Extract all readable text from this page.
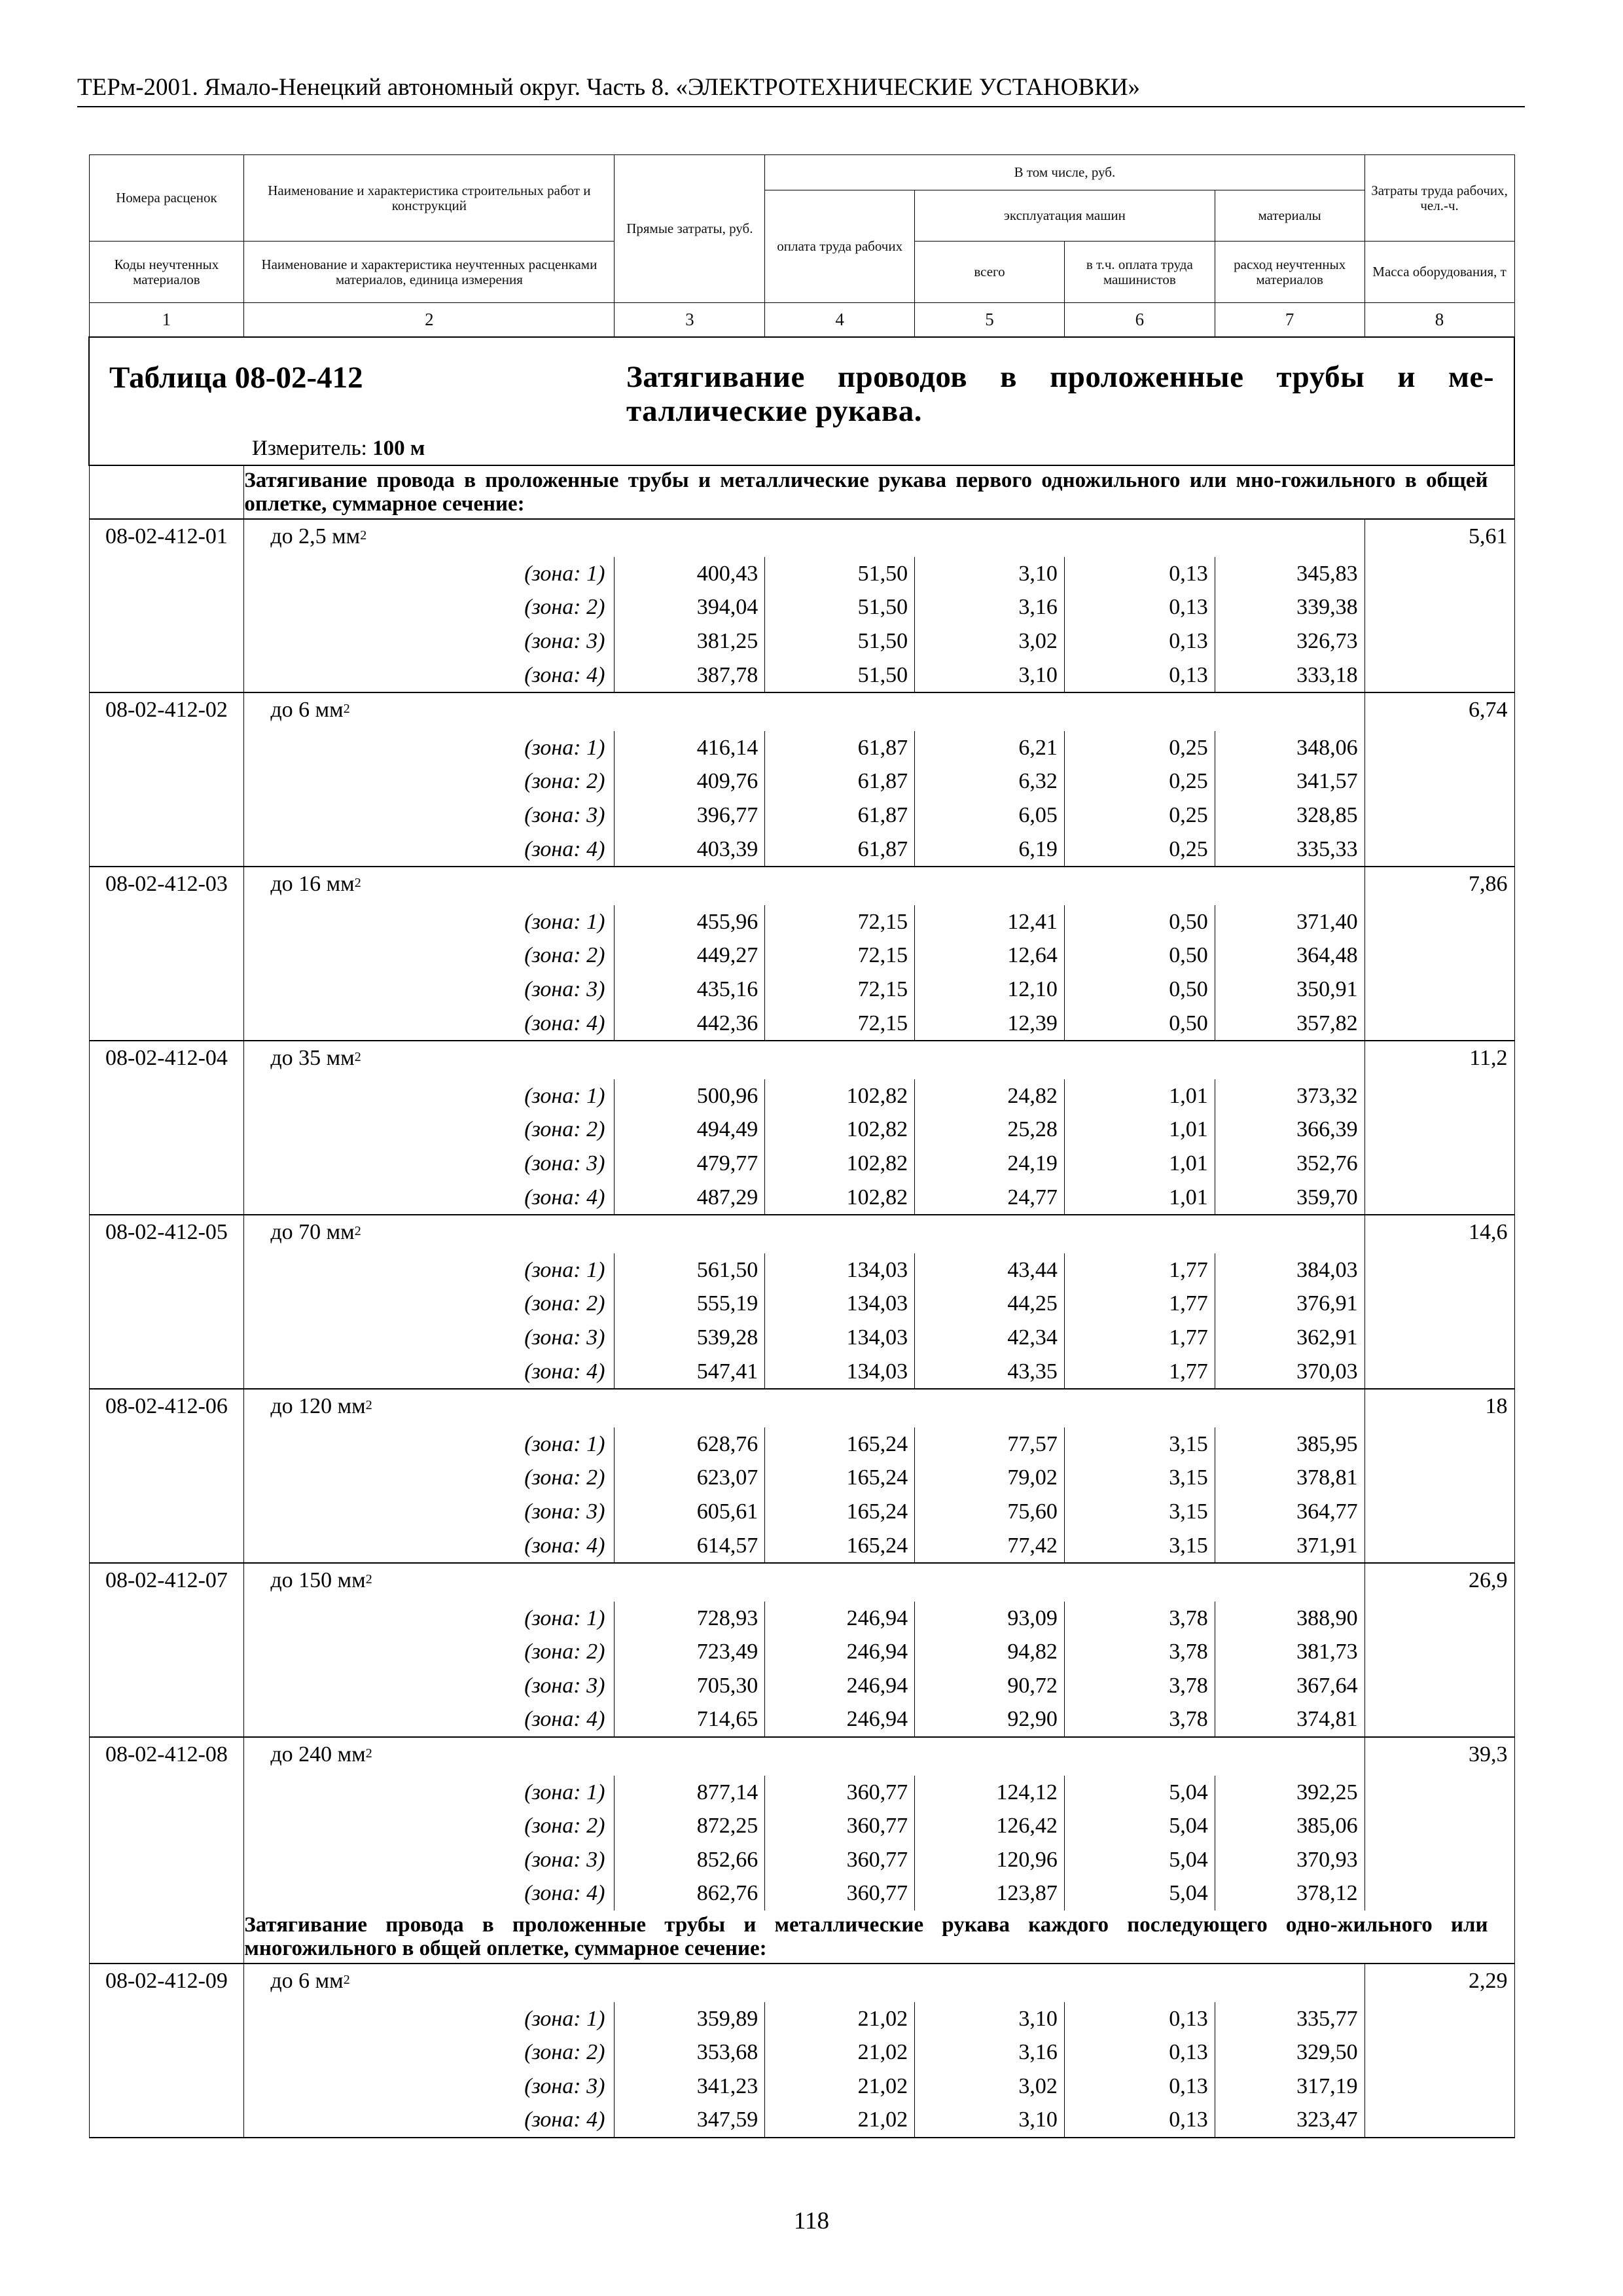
ТЕРм-2001. Ямало-Ненецкий автономный округ. Часть 8. «ЭЛЕКТРОТЕХНИЧЕСКИЕ УСТАНОВКИ»
Номера расценок	Наименование и характеристика строительных работ и конструкций	Прямые затраты, руб.	В том числе, руб.				Затраты труда рабочих, чел.-ч.
			оплата труда рабочих	эксплуатация машин		материалы	
Коды неучтенных материалов	Наименование и характеристика неучтенных расценками материалов, единица измерения			всего	в т.ч. оплата труда машинистов	расход неучтенных материалов	Масса оборудования, т
1	2	3	4	5	6	7	8

Таблица 08-02-412 Затягивание проводов в проложенные трубы и ме-таллические рукава.							

Измеритель: 100 м							

	Затягивание провода в проложенные трубы и металлические рукава первого одножильного или мно-гожильного в общей оплетке, суммарное сечение:						

08-02-412-01	до 2,5 $мм^2$						5,61
	(зона: 1)	400,43	51,50	3,10	0,13	345,83	
	(зона: 2)	394,04	51,50	3,16	0,13	339,38	
	(зона: 3)	381,25	51,50	3,02	0,13	326,73	
	(зона: 4)	387,78	51,50	3,10	0,13	333,18	
08-02-412-02	до 6 $мм^2$						6,74
	(зона: 1)	416,14	61,87	6,21	0,25	348,06	
	(зона: 2)	409,76	61,87	6,32	0,25	341,57	
	(зона: 3)	396,77	61,87	6,05	0,25	328,85	
	(зона: 4)	403,39	61,87	6,19	0,25	335,33	
08-02-412-03	до 16 $мм^2$						7,86
	(зона: 1)	455,96	72,15	12,41	0,50	371,40	
	(зона: 2)	449,27	72,15	12,64	0,50	364,48	
	(зона: 3)	435,16	72,15	12,10	0,50	350,91	
	(зона: 4)	442,36	72,15	12,39	0,50	357,82	
08-02-412-04	до 35 $мм^2$						11,2
	(зона: 1)	500,96	102,82	24,82	1,01	373,32	
	(зона: 2)	494,49	102,82	25,28	1,01	366,39	
	(зона: 3)	479,77	102,82	24,19	1,01	352,76	
	(зона: 4)	487,29	102,82	24,77	1,01	359,70	
08-02-412-05	до 70 $мм^2$						14,6
	(зона: 1)	561,50	134,03	43,44	1,77	384,03	
	(зона: 2)	555,19	134,03	44,25	1,77	376,91	
	(зона: 3)	539,28	134,03	42,34	1,77	362,91	
	(зона: 4)	547,41	134,03	43,35	1,77	370,03	
08-02-412-06	до 120 $мм^2$						18
	(зона: 1)	628,76	165,24	77,57	3,15	385,95	
	(зона: 2)	623,07	165,24	79,02	3,15	378,81	
	(зона: 3)	605,61	165,24	75,60	3,15	364,77	
	(зона: 4)	614,57	165,24	77,42	3,15	371,91	
08-02-412-07	до 150 $мм^2$						26,9
	(зона: 1)	728,93	246,94	93,09	3,78	388,90	
	(зона: 2)	723,49	246,94	94,82	3,78	381,73	
	(зона: 3)	705,30	246,94	90,72	3,78	367,64	
	(зона: 4)	714,65	246,94	92,90	3,78	374,81	
08-02-412-08	до 240 $мм^2$						39,3
	(зона: 1)	877,14	360,77	124,12	5,04	392,25	
	(зона: 2)	872,25	360,77	126,42	5,04	385,06	
	(зона: 3)	852,66	360,77	120,96	5,04	370,93	
	(зона: 4)	862,76	360,77	123,87	5,04	378,12	

	Затягивание провода в проложенные трубы и металлические рукава каждого последующего одно-жильного или многожильного в общей оплетке, суммарное сечение:						

08-02-412-09	до 6 $мм^2$						2,29
	(зона: 1)	359,89	21,02	3,10	0,13	335,77	
	(зона: 2)	353,68	21,02	3,16	0,13	329,50	
	(зона: 3)	341,23	21,02	3,02	0,13	317,19	
	(зона: 4)	347,59	21,02	3,10	0,13	323,47	
118
